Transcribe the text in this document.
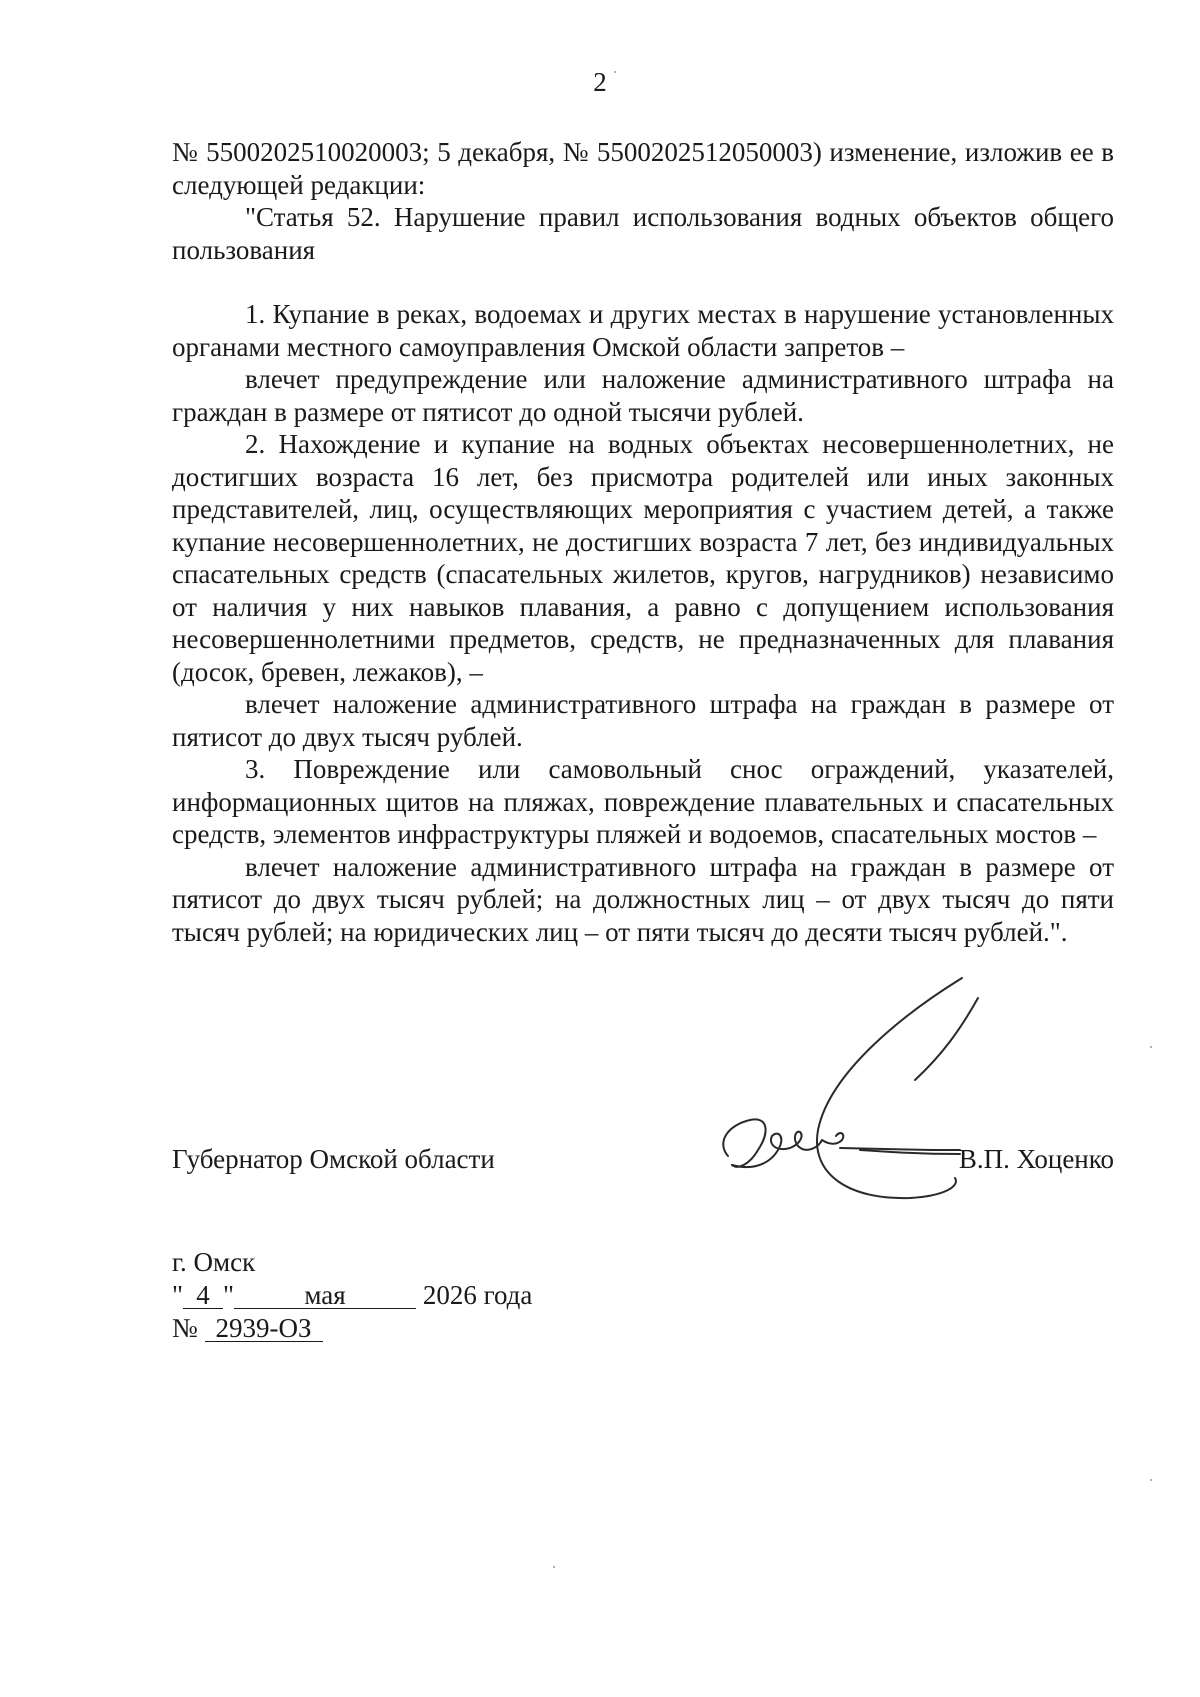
2

№ 5500202510020003; 5 декабря, № 5500202512050003) изменение, изложив ее в следующей редакции:

"Статья 52. Нарушение правил использования водных объектов общего пользования

1. Купание в реках, водоемах и других местах в нарушение установленных органами местного самоуправления Омской области запретов –

влечет предупреждение или наложение административного штрафа на граждан в размере от пятисот до одной тысячи рублей.

2. Нахождение и купание на водных объектах несовершеннолетних, не достигших возраста 16 лет, без присмотра родителей или иных законных представителей, лиц, осуществляющих мероприятия с участием детей, а также купание несовершеннолетних, не достигших возраста 7 лет, без индивидуальных спасательных средств (спасательных жилетов, кругов, нагрудников) независимо от наличия у них навыков плавания, а равно с допущением использования несовершеннолетними предметов, средств, не предназначенных для плавания (досок, бревен, лежаков), –

влечет наложение административного штрафа на граждан в размере от пятисот до двух тысяч рублей.

3. Повреждение или самовольный снос ограждений, указателей, информационных щитов на пляжах, повреждение плавательных и спасательных средств, элементов инфраструктуры пляжей и водоемов, спасательных мостов –

влечет наложение административного штрафа на граждан в размере от пятисот до двух тысяч рублей; на должностных лиц – от двух тысяч до пяти тысяч рублей; на юридических лиц – от пяти тысяч до десяти тысяч рублей.".

Губернатор Омской области	В.П. Хоценко
г. Омск
" 4 "	мая	2026 года
№ 2939-ОЗ
